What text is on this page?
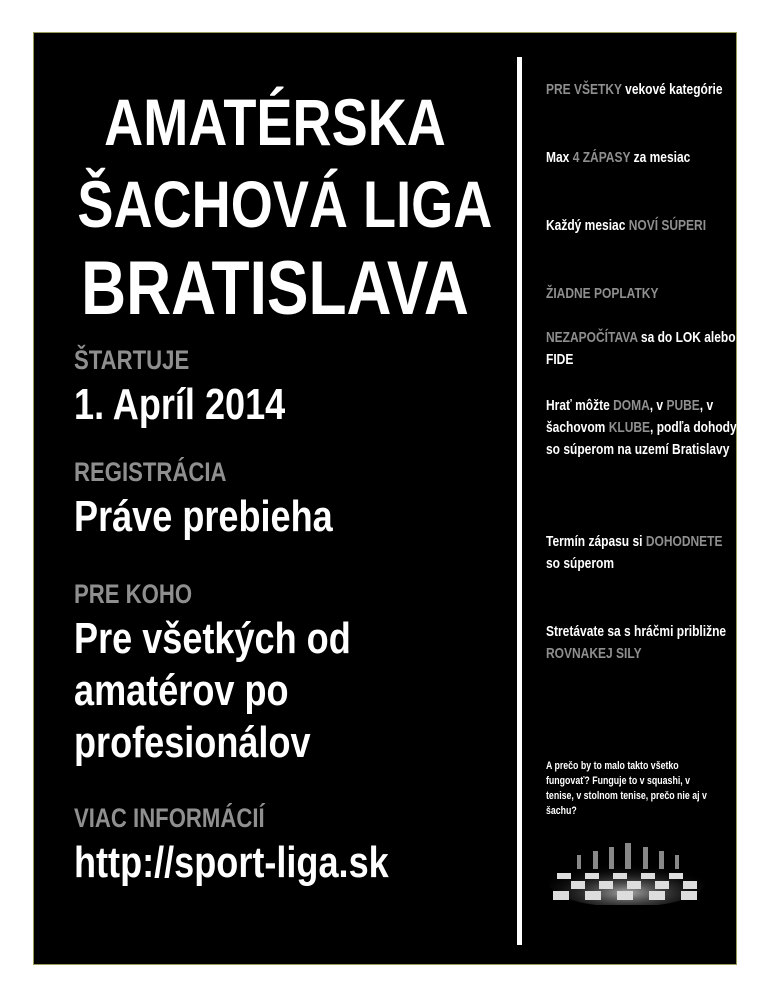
AMATÉRSKA
ŠACHOVÁ LIGA
BRATISLAVA
ŠTARTUJE
1. Apríl 2014
REGISTRÁCIA
Práve prebieha
PRE KOHO
Pre všetkých od
amatérov po
profesionálov
VIAC INFORMÁCIÍ
http://sport-liga.sk
PRE VŠETKY vekové kategórie
Max 4 ZÁPASY za mesiac
Každý mesiac NOVÍ SÚPERI
ŽIADNE POPLATKY
NEZAPOČÍTAVA sa do LOK alebo FIDE
Hrať môžte DOMA, v PUBE, v šachovom KLUBE, podľa dohody so súperom na uzemí Bratislavy
Termín zápasu si DOHODNETE so súperom
Stretávate sa s hráčmi približne ROVNAKEJ SILY
A prečo by to malo takto všetko fungovať? Funguje to v squashi, v tenise, v stolnom tenise, prečo nie aj v šachu?
